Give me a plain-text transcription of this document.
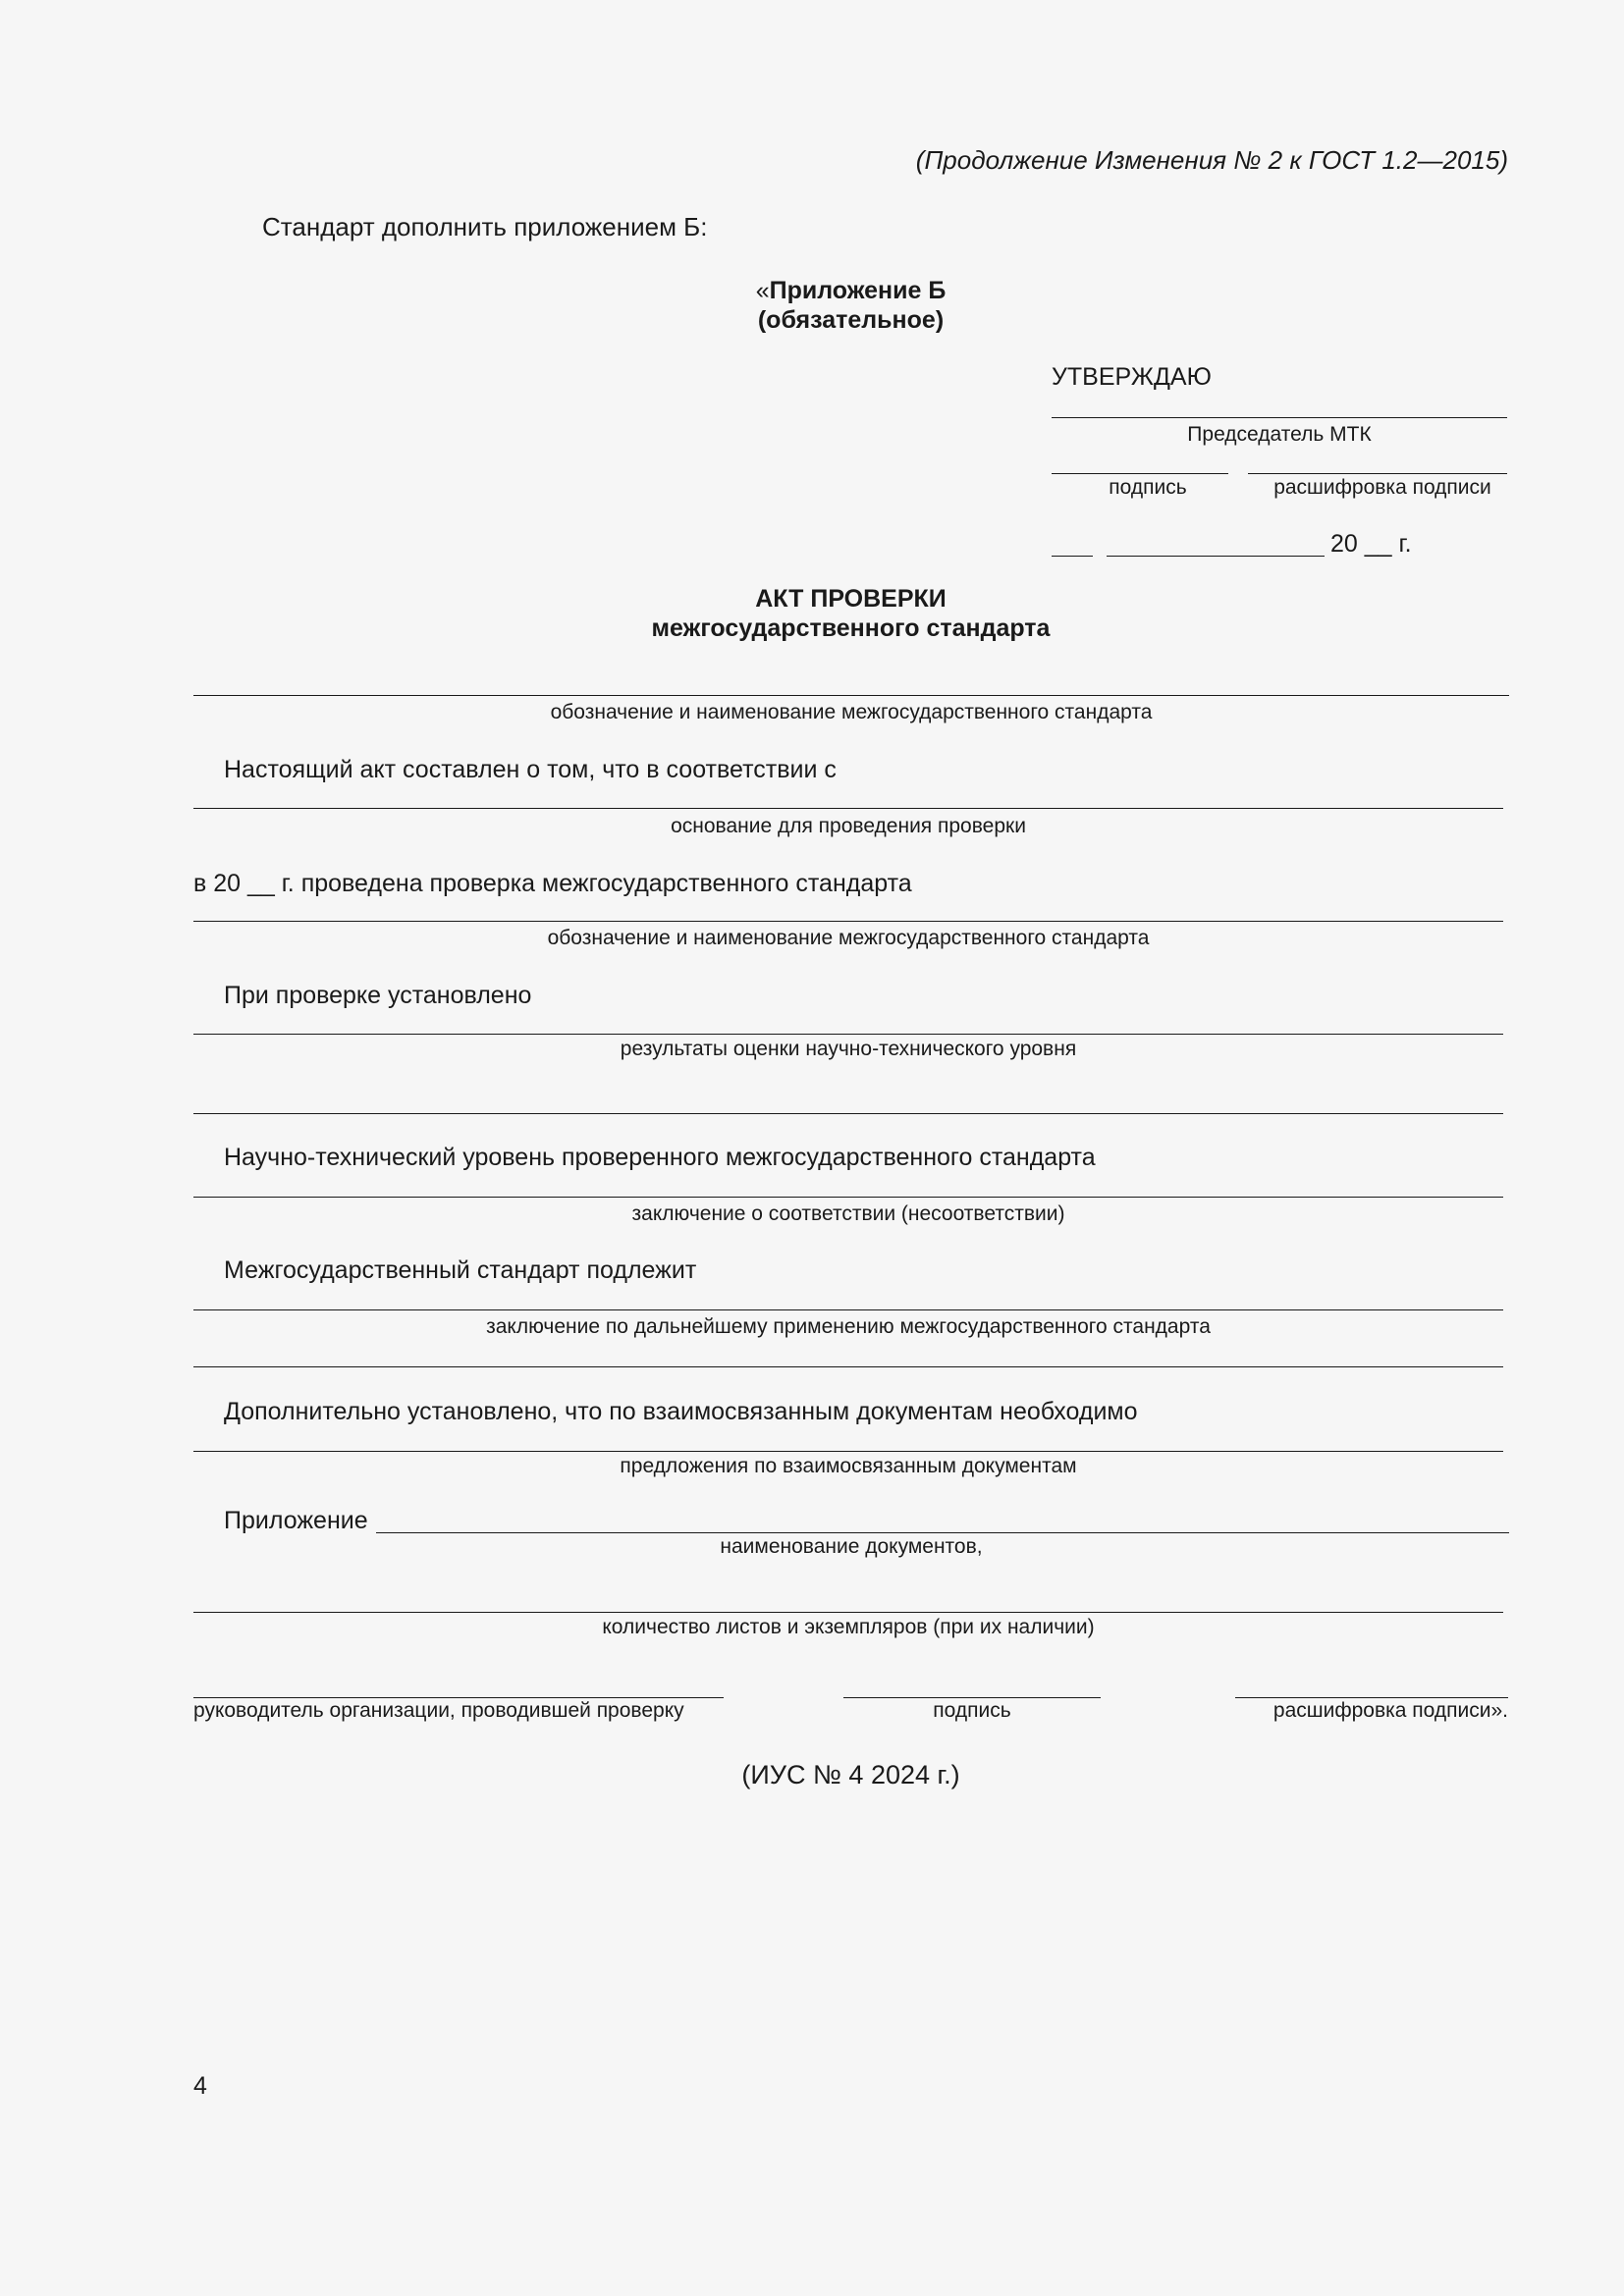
(Продолжение Изменения № 2 к ГОСТ 1.2—2015)
Стандарт дополнить приложением Б:
«Приложение Б
(обязательное)
УТВЕРЖДАЮ
Председатель МТК
подпись	расшифровка подписи
20 __ г.
АКТ ПРОВЕРКИ
межгосударственного стандарта
обозначение и наименование межгосударственного стандарта
Настоящий акт составлен о том, что в соответствии с
основание для проведения проверки
в 20 __ г. проведена проверка межгосударственного стандарта
обозначение и наименование межгосударственного стандарта
При проверке установлено
результаты оценки научно-технического уровня
Научно-технический уровень проверенного межгосударственного стандарта
заключение о соответствии (несоответствии)
Межгосударственный стандарт подлежит
заключение по дальнейшему применению межгосударственного стандарта
Дополнительно установлено, что по взаимосвязанным документам необходимо
предложения по взаимосвязанным документам
Приложение
наименование документов,
количество листов и экземпляров (при их наличии)
руководитель организации, проводившей проверку	подпись	расшифровка подписи».
(ИУС № 4 2024 г.)
4
